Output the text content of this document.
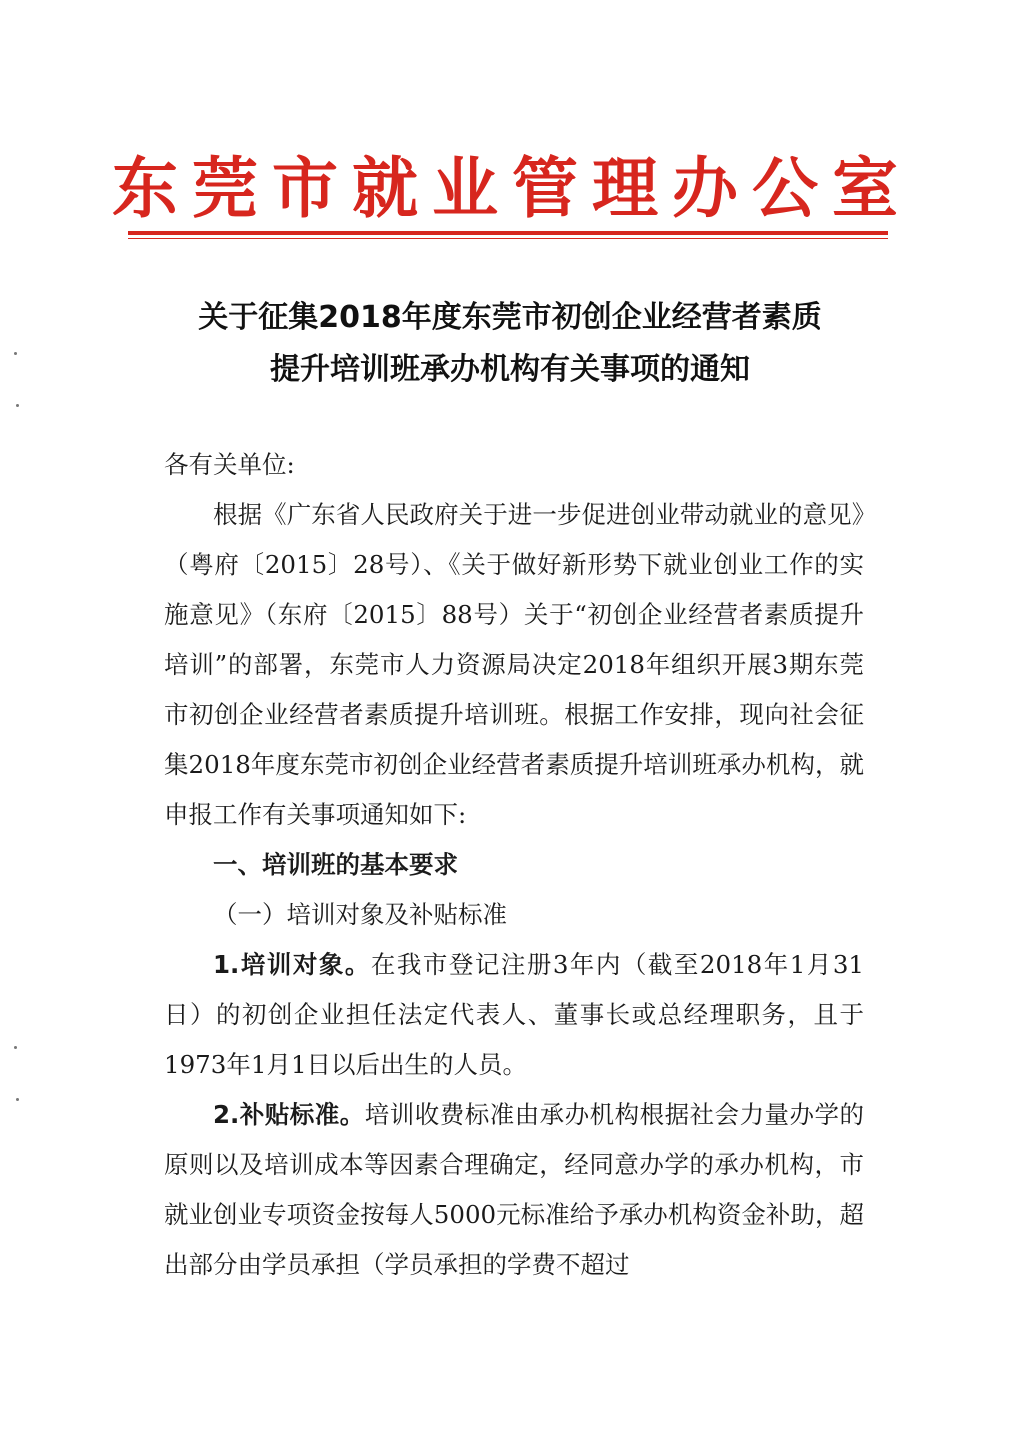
东莞市就业管理办公室
关于征集2018年度东莞市初创企业经营者素质
提升培训班承办机构有关事项的通知

各有关单位:

根据《广东省人民政府关于进一步促进创业带动就业的意见》（粤府〔2015〕28号）、《关于做好新形势下就业创业工作的实施意见》（东府〔2015〕88号）关于“初创企业经营者素质提升培训”的部署，东莞市人力资源局决定2018年组织开展3期东莞市初创企业经营者素质提升培训班。根据工作安排，现向社会征集2018年度东莞市初创企业经营者素质提升培训班承办机构，就申报工作有关事项通知如下:

一、培训班的基本要求

（一）培训对象及补贴标准

1.培训对象。在我市登记注册3年内（截至2018年1月31日）的初创企业担任法定代表人、董事长或总经理职务，且于1973年1月1日以后出生的人员。

2.补贴标准。培训收费标准由承办机构根据社会力量办学的原则以及培训成本等因素合理确定，经同意办学的承办机构，市就业创业专项资金按每人5000元标准给予承办机构资金补助，超出部分由学员承担（学员承担的学费不超过
